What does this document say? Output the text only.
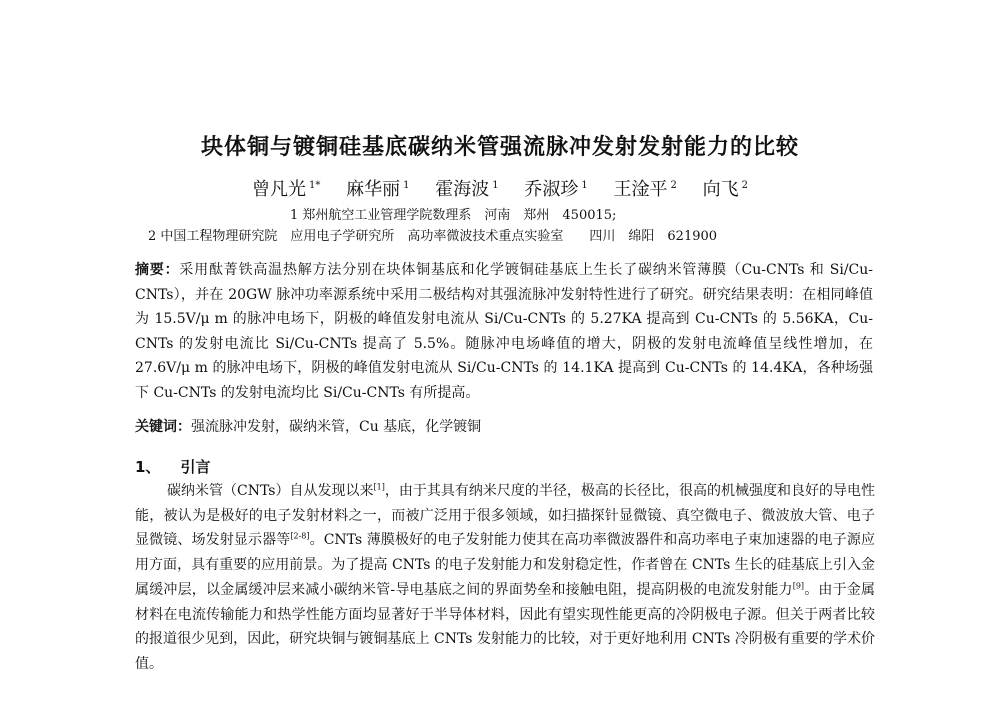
块体铜与镀铜硅基底碳纳米管强流脉冲发射发射能力的比较
曾凡光 $^{1*}$ 麻华丽 $^1$ 霍海波 $^1$ 乔淑珍 $^1$ 王淦平 $^2$ 向飞 $^2$
1 郑州航空工业管理学院数理系　河南　郑州　450015;
2 中国工程物理研究院　应用电子学研究所　高功率微波技术重点实验室　　四川　绵阳　621900

摘要：采用酞菁铁高温热解方法分别在块体铜基底和化学镀铜硅基底上生长了碳纳米管薄膜（Cu-CNTs 和 Si/Cu-CNTs），并在 20GW 脉冲功率源系统中采用二极结构对其强流脉冲发射特性进行了研究。研究结果表明：在相同峰值为 15.5V/μ m 的脉冲电场下，阴极的峰值发射电流从 Si/Cu-CNTs 的 5.27KA 提高到 Cu-CNTs 的 5.56KA，Cu-CNTs 的发射电流比 Si/Cu-CNTs 提高了 5.5%。随脉冲电场峰值的增大，阴极的发射电流峰值呈线性增加，在 27.6V/μ m 的脉冲电场下，阴极的峰值发射电流从 Si/Cu-CNTs 的 14.1KA 提高到 Cu-CNTs 的 14.4KA，各种场强下 Cu-CNTs 的发射电流均比 Si/Cu-CNTs 有所提高。

关键词：强流脉冲发射，碳纳米管，Cu 基底，化学镀铜
1、 引言

碳纳米管（CNTs）自从发现以来[1]，由于其具有纳米尺度的半径，极高的长径比，很高的机械强度和良好的导电性能，被认为是极好的电子发射材料之一，而被广泛用于很多领域，如扫描探针显微镜、真空微电子、微波放大管、电子显微镜、场发射显示器等[2-8]。CNTs 薄膜极好的电子发射能力使其在高功率微波器件和高功率电子束加速器的电子源应用方面，具有重要的应用前景。为了提高 CNTs 的电子发射能力和发射稳定性，作者曾在 CNTs 生长的硅基底上引入金属缓冲层，以金属缓冲层来减小碳纳米管-导电基底之间的界面势垒和接触电阻，提高阴极的电流发射能力[9]。由于金属材料在电流传输能力和热学性能方面均显著好于半导体材料，因此有望实现性能更高的冷阴极电子源。但关于两者比较的报道很少见到，因此，研究块铜与镀铜基底上 CNTs 发射能力的比较，对于更好地利用 CNTs 冷阴极有重要的学术价值。
